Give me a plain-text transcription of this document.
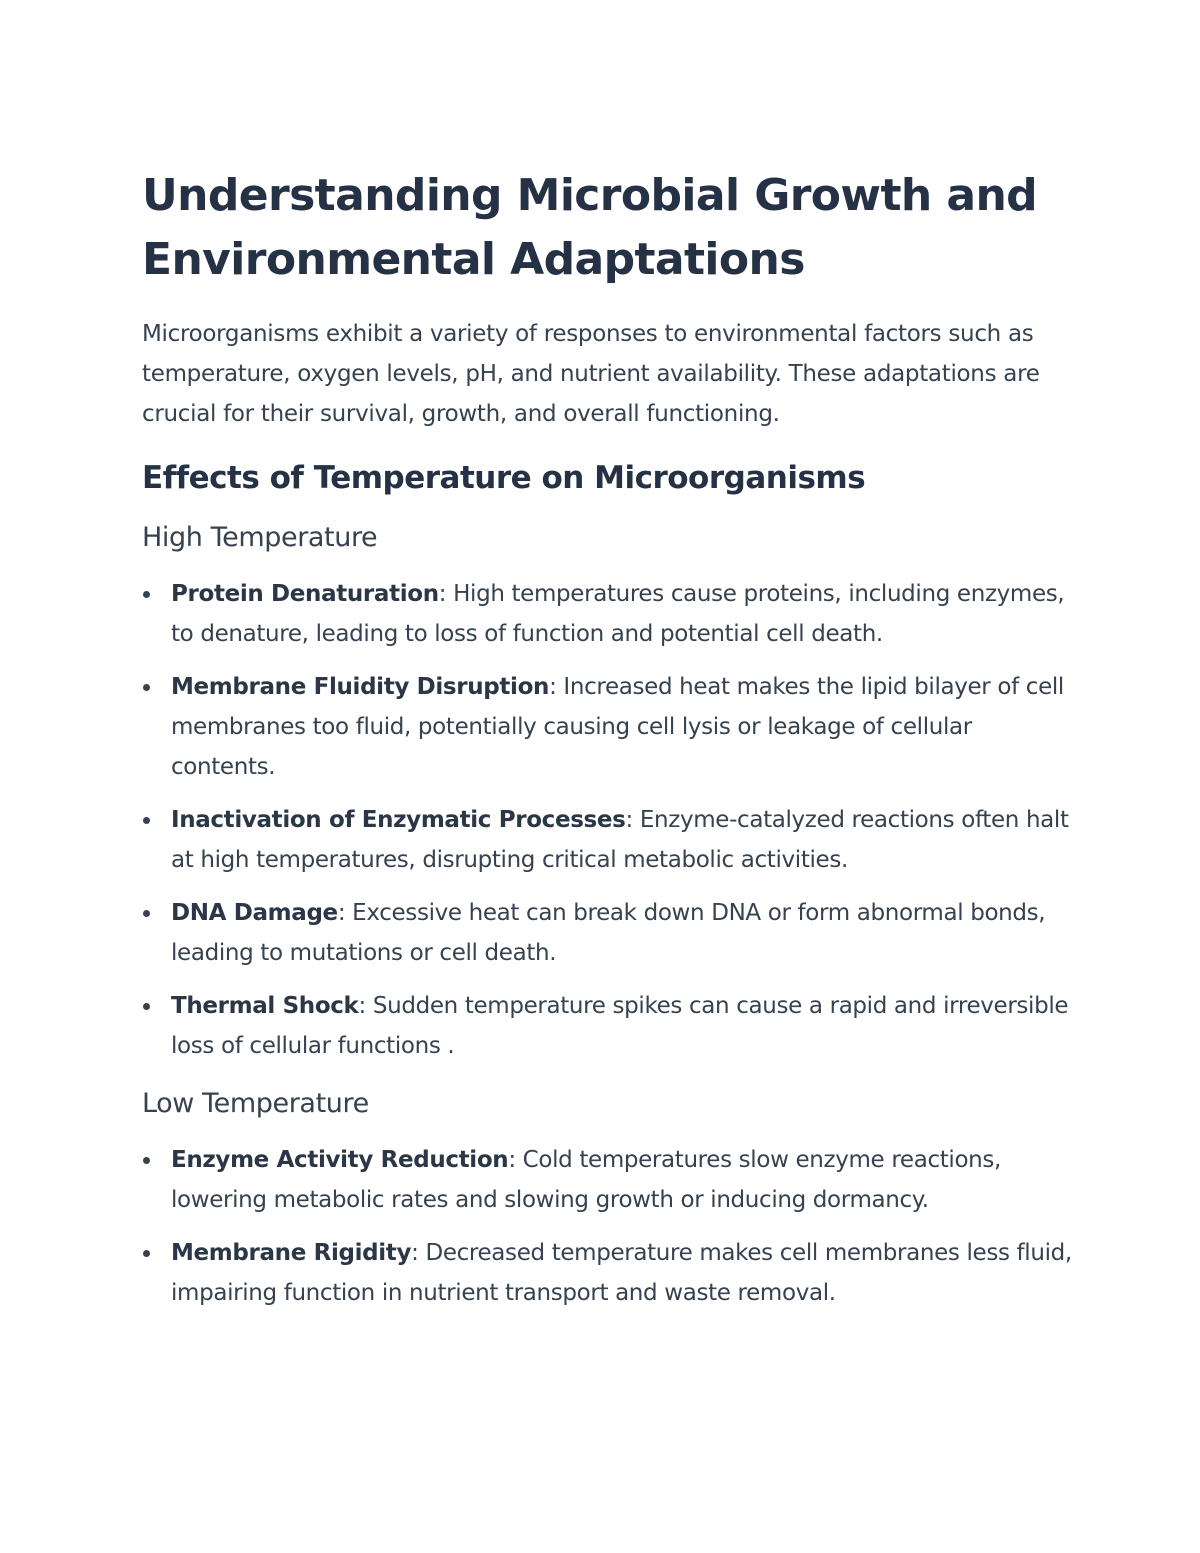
Understanding Microbial Growth and Environmental Adaptations

Microorganisms exhibit a variety of responses to environmental factors such as temperature, oxygen levels, pH, and nutrient availability. These adaptations are crucial for their survival, growth, and overall functioning.

Effects of Temperature on Microorganisms
High Temperature
Protein Denaturation: High temperatures cause proteins, including enzymes, to denature, leading to loss of function and potential cell death.
Membrane Fluidity Disruption: Increased heat makes the lipid bilayer of cell membranes too fluid, potentially causing cell lysis or leakage of cellular contents.
Inactivation of Enzymatic Processes: Enzyme-catalyzed reactions often halt at high temperatures, disrupting critical metabolic activities.
DNA Damage: Excessive heat can break down DNA or form abnormal bonds, leading to mutations or cell death.
Thermal Shock: Sudden temperature spikes can cause a rapid and irreversible loss of cellular functions .
Low Temperature
Enzyme Activity Reduction: Cold temperatures slow enzyme reactions, lowering metabolic rates and slowing growth or inducing dormancy.
Membrane Rigidity: Decreased temperature makes cell membranes less fluid, impairing function in nutrient transport and waste removal.
